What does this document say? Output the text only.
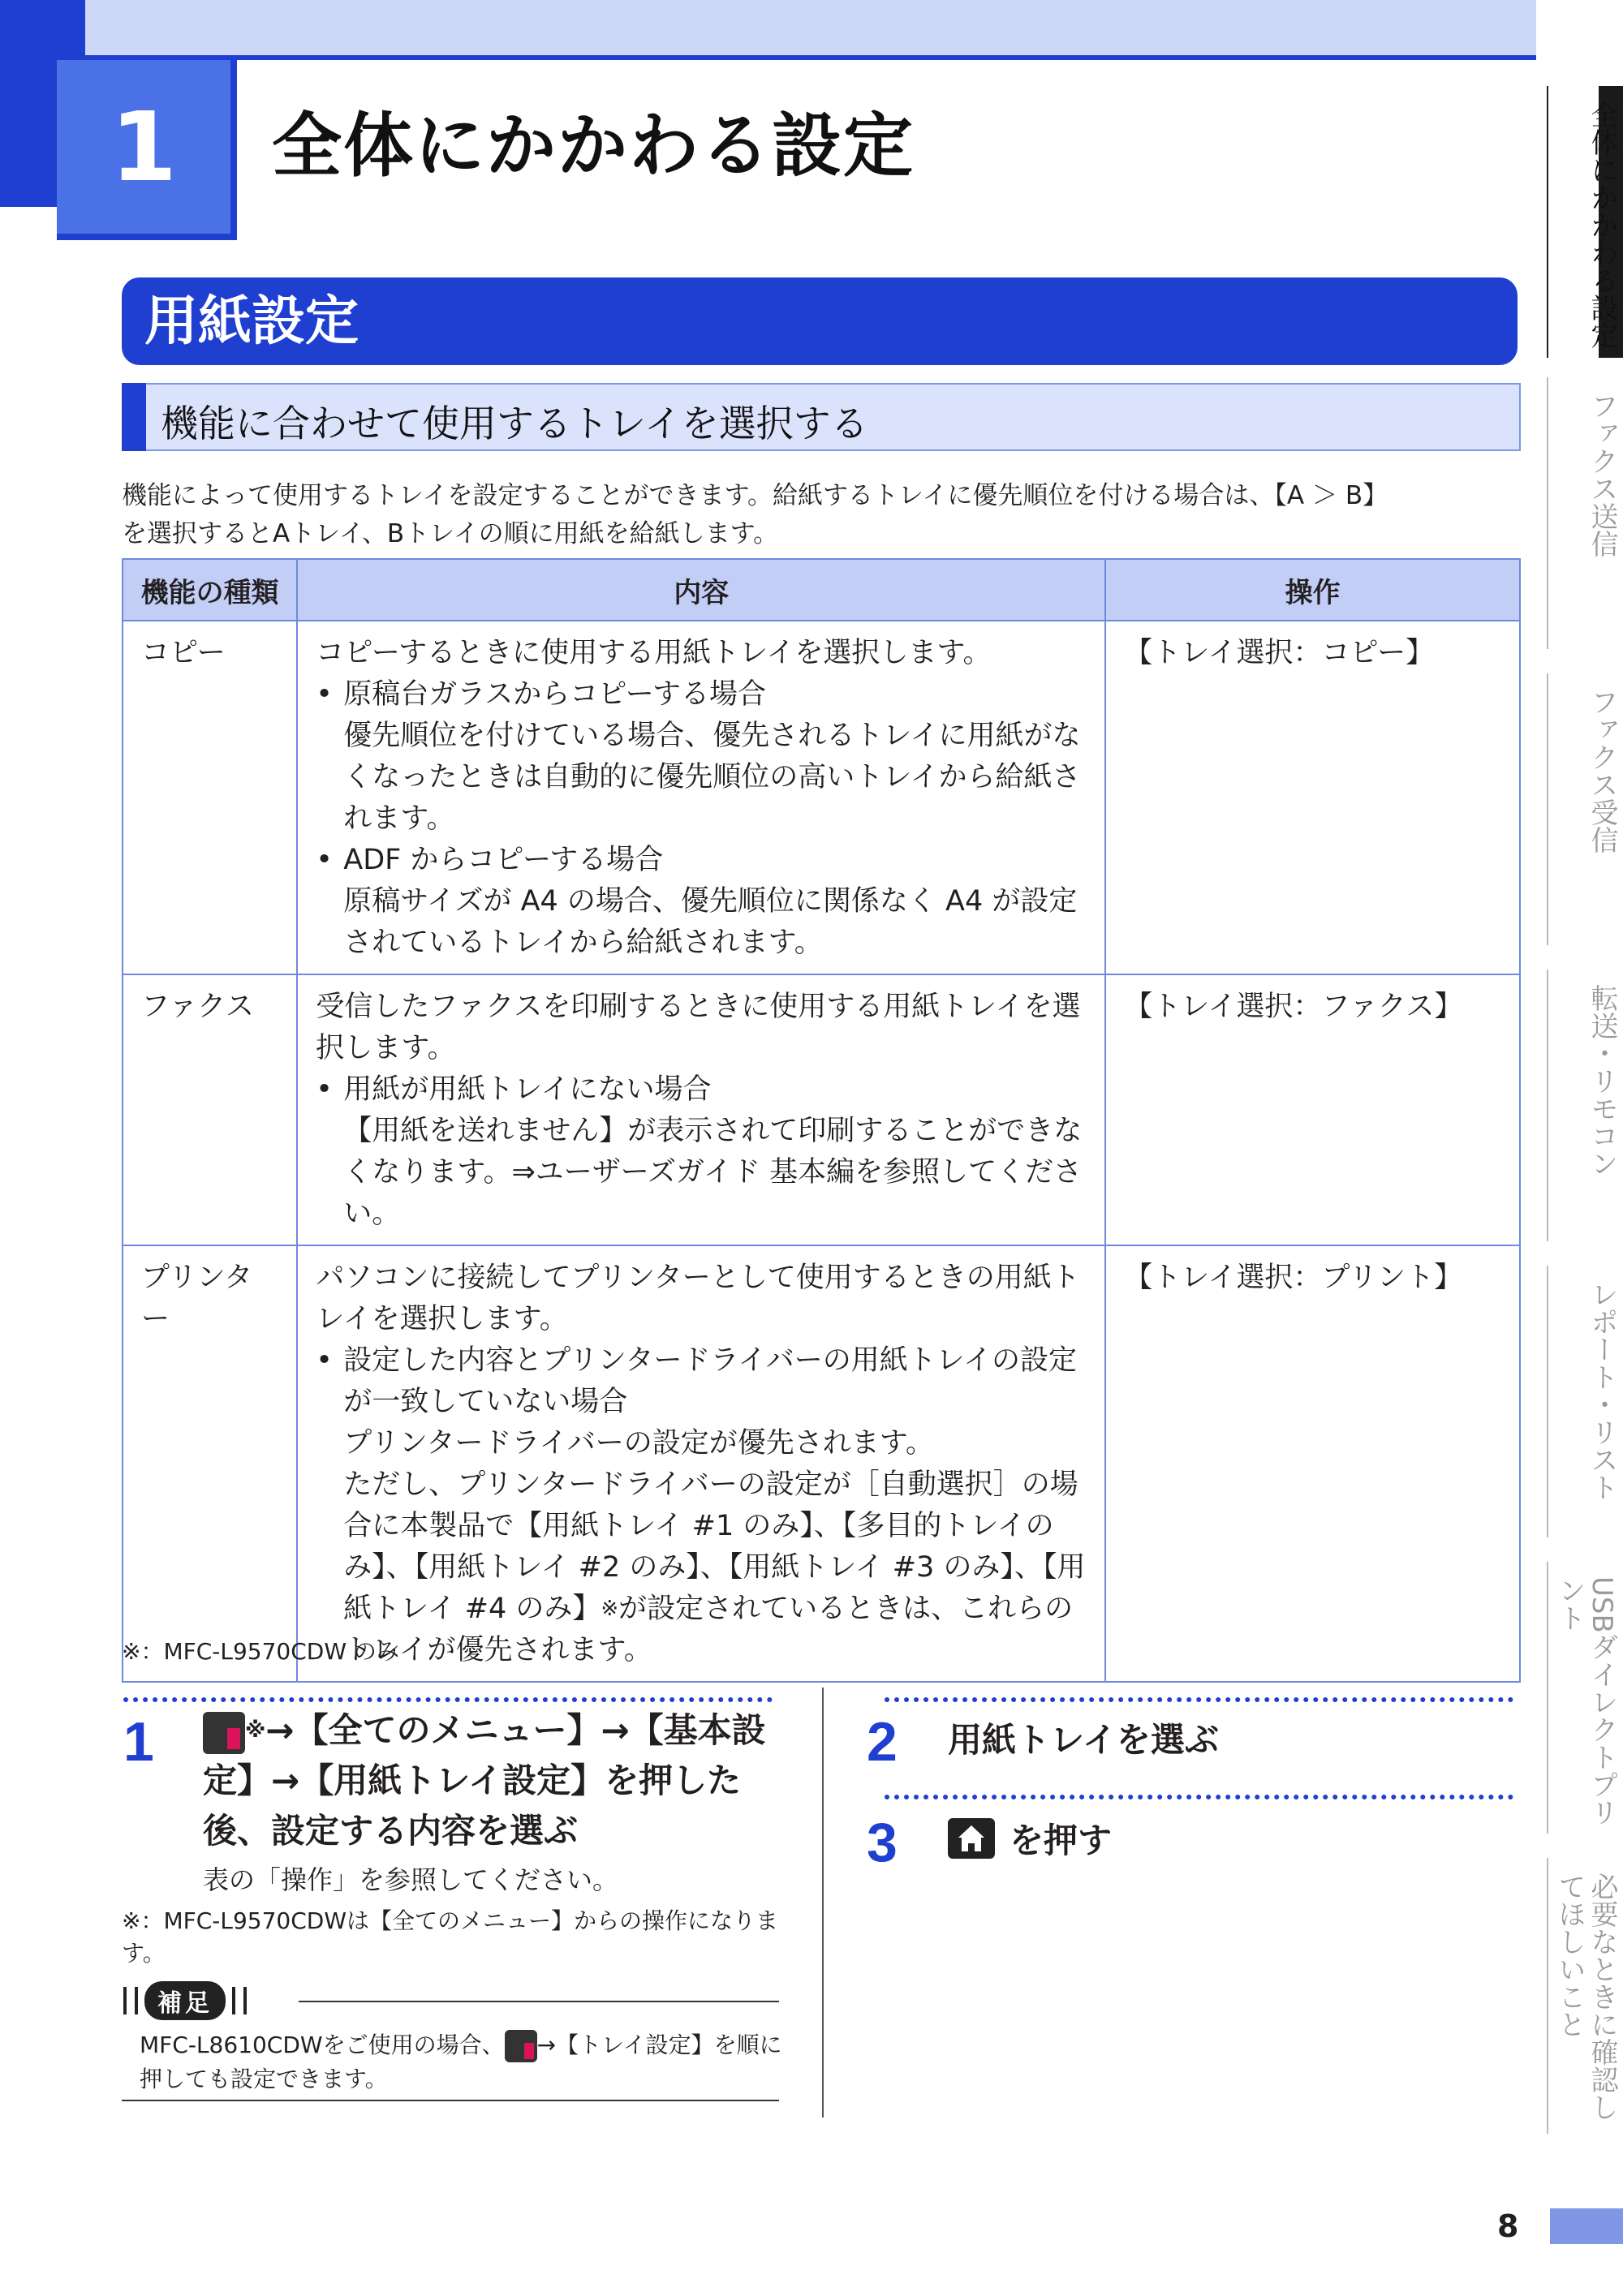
1	全体にかかわる設定
用紙設定
機能に合わせて使用するトレイを選択する
機能によって使用するトレイを設定することができます。給紙するトレイに優先順位を付ける場合は、【A ＞ B】
を選択するとAトレイ、Bトレイの順に用紙を給紙します。
機能の種類	内容	操作
コピー	コピーするときに使用する用紙トレイを選択します。
• 原稿台ガラスからコピーする場合
優先順位を付けている場合、優先されるトレイに用紙がなくなったときは自動的に優先順位の高いトレイから給紙されます。
• ADF からコピーする場合
原稿サイズが A4 の場合、優先順位に関係なく A4 が設定されているトレイから給紙されます。	【トレイ選択：コピー】
ファクス	受信したファクスを印刷するときに使用する用紙トレイを選択します。
• 用紙が用紙トレイにない場合
【用紙を送れません】が表示されて印刷することができなくなります。⇒ユーザーズガイド 基本編を参照してください。	【トレイ選択：ファクス】
プリンター	パソコンに接続してプリンターとして使用するときの用紙トレイを選択します。
• 設定した内容とプリンタードライバーの用紙トレイの設定が一致していない場合
プリンタードライバーの設定が優先されます。
ただし、プリンタードライバーの設定が［自動選択］の場合に本製品で【用紙トレイ #1 のみ】、【多目的トレイのみ】、【用紙トレイ #2 のみ】、【用紙トレイ #3 のみ】、【用紙トレイ #4 のみ】※が設定されているときは、これらのトレイが優先されます。	【トレイ選択：プリント】
※：MFC-L9570CDW のみ
1	※→【全てのメニュー】→【基本設定】→【用紙トレイ設定】を押した後、設定する内容を選ぶ
表の「操作」を参照してください。
※：MFC-L9570CDWは【全てのメニュー】からの操作になります。
2 用紙トレイを選ぶ
3	を押す
補足
MFC-L8610CDWをご使用の場合、 →【トレイ設定】を順に押しても設定できます。
全体にかかわる設定
ファクス送信
ファクス受信
転送・リモコン
レポート・リスト
USBダイレクトプリント
必要なときに確認してほしいこと
8
